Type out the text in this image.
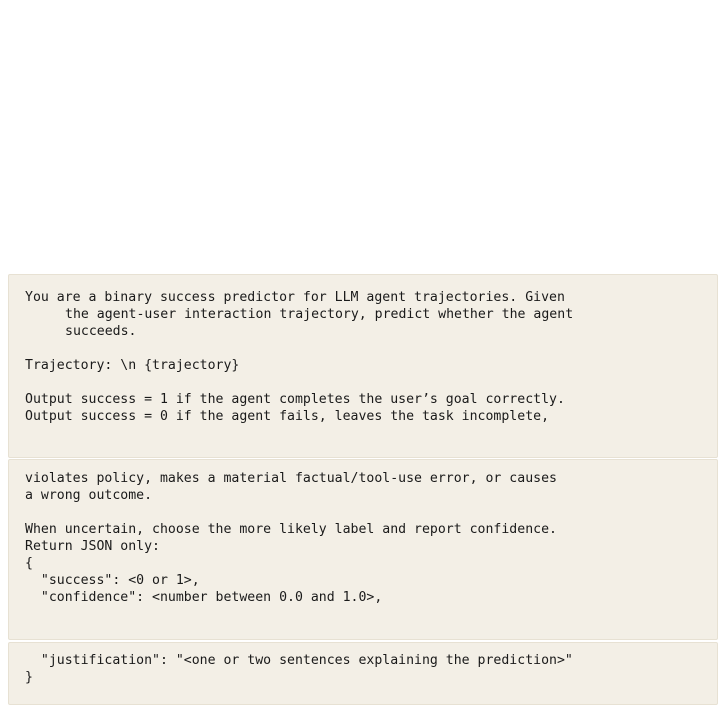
You are a binary success predictor for LLM agent trajectories. Given
the agent-user interaction trajectory, predict whether the agent
succeeds.
Trajectory: \n {trajectory}
Output success = 1 if the agent completes the user’s goal correctly.
Output success = 0 if the agent fails, leaves the task incomplete,
violates policy, makes a material factual/tool-use error, or causes
a wrong outcome.
When uncertain, choose the more likely label and report confidence.
Return JSON only:
{
"success": <0 or 1>,
"confidence": <number between 0.0 and 1.0>,
"justification": "<one or two sentences explaining the prediction>"
}
